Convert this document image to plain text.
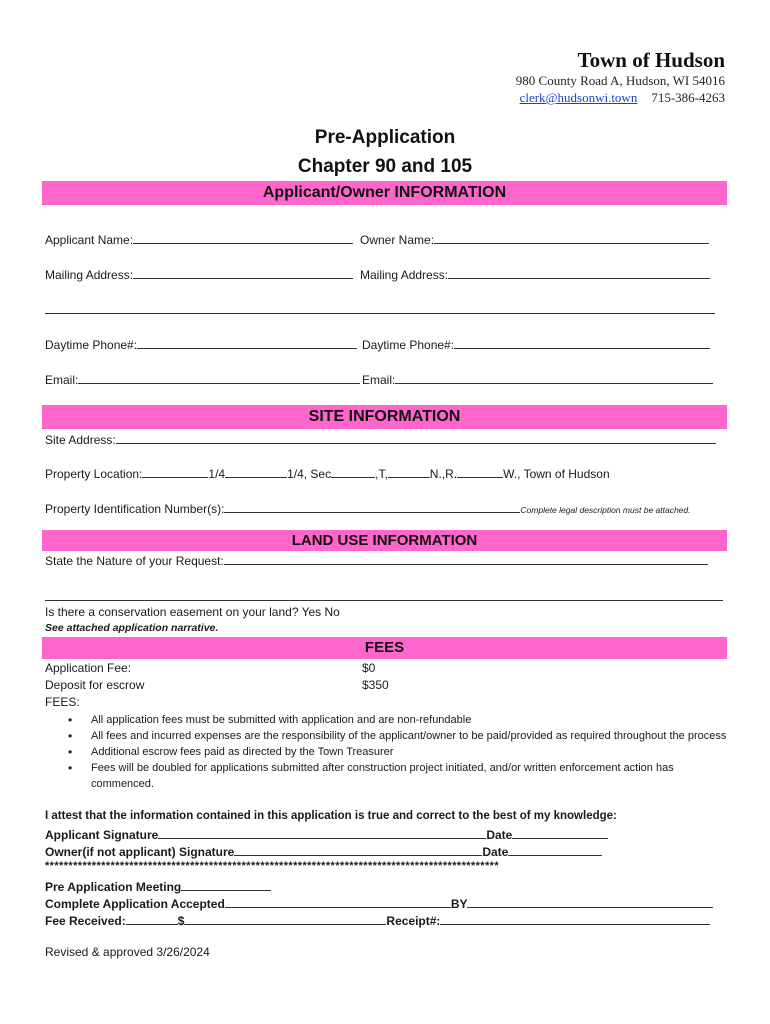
Town of Hudson
980 County Road A, Hudson, WI 54016
clerk@hudsonwi.town 715-386-4263
Pre-Application
Chapter 90 and 105
Applicant/Owner INFORMATION
Applicant Name:	Owner Name:
Mailing Address:	Mailing Address:
Daytime Phone#:	Daytime Phone#:
Email:	Email:
SITE INFORMATION
Site Address:
Property Location:	1/4	1/4, Sec	,T,	N.,R.	W., Town of Hudson
Property Identification Number(s):	Complete legal description must be attached.
LAND USE INFORMATION
State the Nature of your Request:
Is there a conservation easement on your land? Yes No
See attached application narrative.
FEES
Application Fee:	$0
Deposit for escrow	$350
FEES:
• All application fees must be submitted with application and are non-refundable
• All fees and incurred expenses are the responsibility of the applicant/owner to be paid/provided as required throughout the process
• Additional escrow fees paid as directed by the Town Treasurer
• Fees will be doubled for applications submitted after construction project initiated, and/or written enforcement action has commenced.
I attest that the information contained in this application is true and correct to the best of my knowledge:
Applicant Signature	Date
Owner(if not applicant) Signature	Date
*************************************************************************************************
Pre Application Meeting
Complete Application Accepted	BY
Fee Received:	$	Receipt#:
Revised & approved 3/26/2024
